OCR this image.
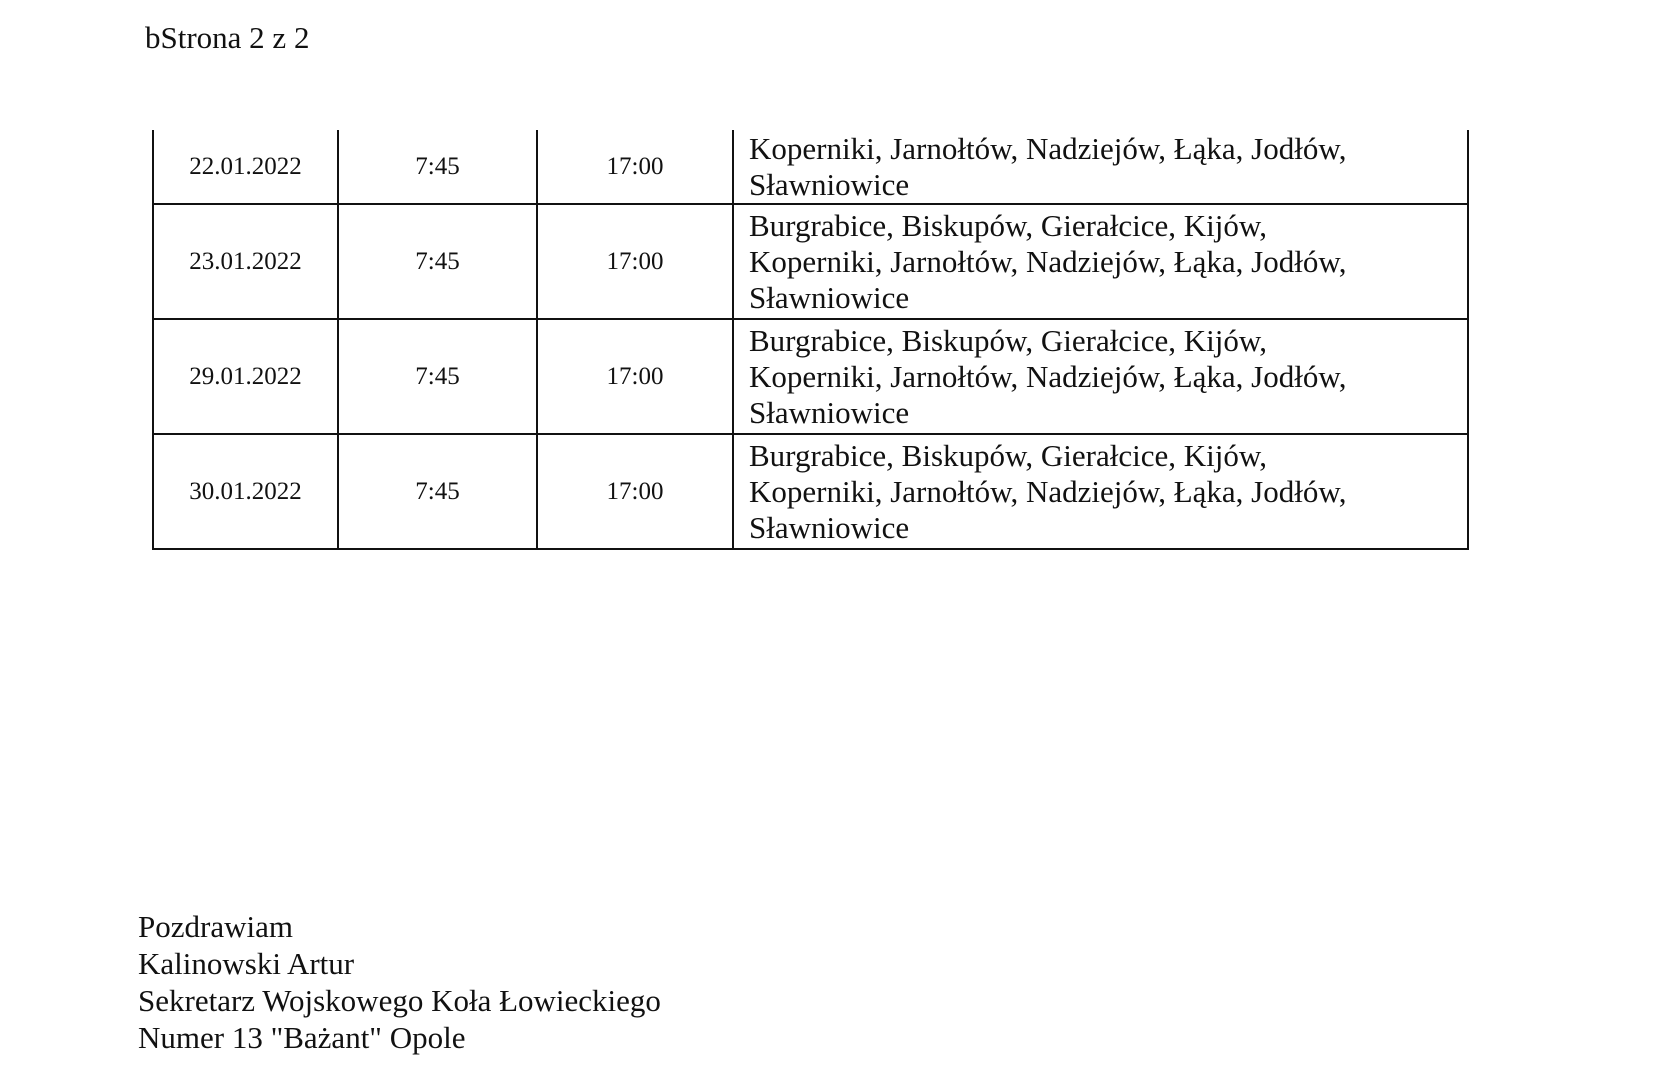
bStrona 2 z 2
22.01.2022	7:45	17:00	Koperniki, Jarnołtów, Nadziejów, Łąka, Jodłów,
Sławniowice

23.01.2022	7:45	17:00	Burgrabice, Biskupów, Gierałcice, Kijów,
Koperniki, Jarnołtów, Nadziejów, Łąka, Jodłów,
Sławniowice

29.01.2022	7:45	17:00	Burgrabice, Biskupów, Gierałcice, Kijów,
Koperniki, Jarnołtów, Nadziejów, Łąka, Jodłów,
Sławniowice

30.01.2022	7:45	17:00	Burgrabice, Biskupów, Gierałcice, Kijów,
Koperniki, Jarnołtów, Nadziejów, Łąka, Jodłów,
Sławniowice
Pozdrawiam
Kalinowski Artur
Sekretarz Wojskowego Koła Łowieckiego
Numer 13 "Bażant" Opole
